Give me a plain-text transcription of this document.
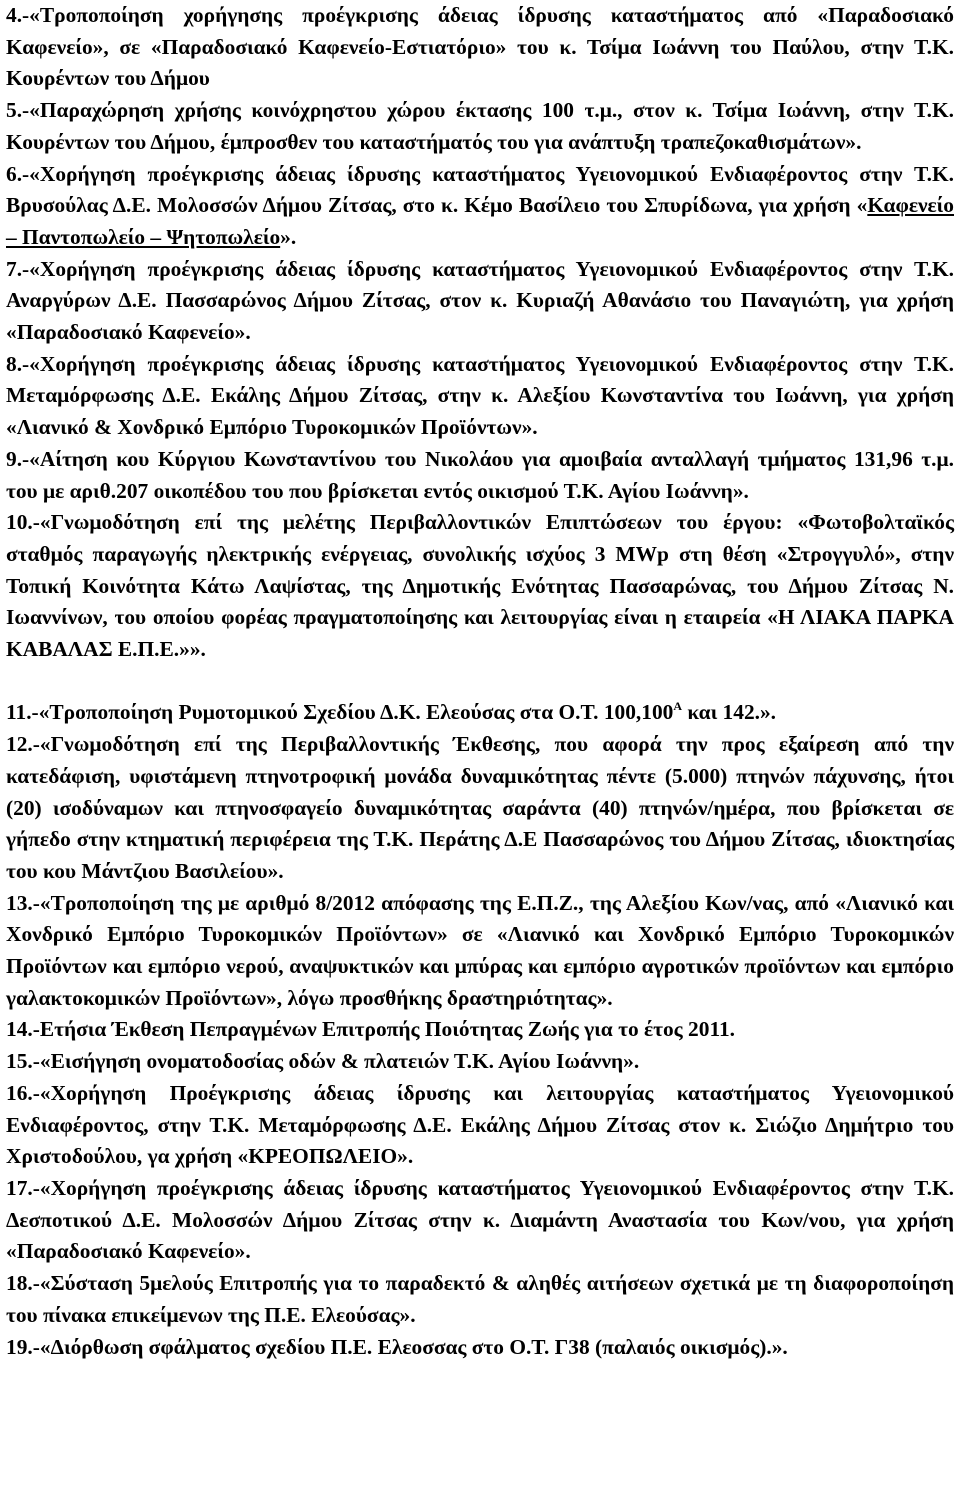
4.-«Τροποποίηση χορήγησης προέγκρισης άδειας ίδρυσης καταστήματος από «Παραδοσιακό Καφενείο», σε «Παραδοσιακό Καφενείο-Εστιατόριο» του κ. Τσίμα Ιωάννη του Παύλου, στην Τ.Κ. Κουρέντων του Δήμου

5.-«Παραχώρηση χρήσης κοινόχρηστου χώρου έκτασης 100 τ.μ., στον κ. Τσίμα Ιωάννη, στην Τ.Κ. Κουρέντων του Δήμου, έμπροσθεν του καταστήματός του για ανάπτυξη τραπεζοκαθισμάτων».

6.-«Χορήγηση προέγκρισης άδειας ίδρυσης καταστήματος Υγειονομικού Ενδιαφέροντος στην Τ.Κ. Βρυσούλας Δ.Ε. Μολοσσών Δήμου Ζίτσας, στο κ. Κέμο Βασίλειο του Σπυρίδωνα, για χρήση «Καφενείο – Παντοπωλείο – Ψητοπωλείο».

7.-«Χορήγηση προέγκρισης άδειας ίδρυσης καταστήματος Υγειονομικού Ενδιαφέροντος στην Τ.Κ. Αναργύρων Δ.Ε. Πασσαρώνος Δήμου Ζίτσας, στον κ. Κυριαζή Αθανάσιο του Παναγιώτη, για χρήση «Παραδοσιακό Καφενείο».

8.-«Χορήγηση προέγκρισης άδειας ίδρυσης καταστήματος Υγειονομικού Ενδιαφέροντος στην Τ.Κ. Μεταμόρφωσης Δ.Ε. Εκάλης Δήμου Ζίτσας, στην κ. Αλεξίου Κωνσταντίνα του Ιωάννη, για χρήση «Λιανικό & Χονδρικό Εμπόριο Τυροκομικών Προϊόντων».

9.-«Αίτηση κου Κύργιου Κωνσταντίνου του Νικολάου για αμοιβαία ανταλλαγή τμήματος 131,96 τ.μ. του με αριθ.207 οικοπέδου του που βρίσκεται εντός οικισμού Τ.Κ. Αγίου Ιωάννη».

10.-«Γνωμοδότηση επί της μελέτης Περιβαλλοντικών Επιπτώσεων του έργου: «Φωτοβολταϊκός σταθμός παραγωγής ηλεκτρικής ενέργειας, συνολικής ισχύος 3 MWp στη θέση «Στρογγυλό», στην Τοπική Κοινότητα Κάτω Λαψίστας, της Δημοτικής Ενότητας Πασσαρώνας, του Δήμου Ζίτσας Ν. Ιωαννίνων, του οποίου φορέας πραγματοποίησης και λειτουργίας είναι η εταιρεία «Η ΛΙΑΚΑ ΠΑΡΚΑ ΚΑΒΑΛΑΣ Ε.Π.Ε.»».

11.-«Τροποποίηση Ρυμοτομικού Σχεδίου Δ.Κ. Ελεούσας στα Ο.Τ. $100,100^A$ και 142.».

12.-«Γνωμοδότηση επί της Περιβαλλοντικής Έκθεσης, που αφορά την προς εξαίρεση από την κατεδάφιση, υφιστάμενη πτηνοτροφική μονάδα δυναμικότητας πέντε (5.000) πτηνών πάχυνσης, ήτοι (20) ισοδύναμων και πτηνοσφαγείο δυναμικότητας σαράντα (40) πτηνών/ημέρα, που βρίσκεται σε γήπεδο στην κτηματική περιφέρεια της Τ.Κ. Περάτης Δ.Ε Πασσαρώνος του Δήμου Ζίτσας, ιδιοκτησίας του κου Μάντζιου Βασιλείου».

13.-«Τροποποίηση της με αριθμό 8/2012 απόφασης της Ε.Π.Ζ., της Αλεξίου Κων/νας, από «Λιανικό και Χονδρικό Εμπόριο Τυροκομικών Προϊόντων» σε «Λιανικό και Χονδρικό Εμπόριο Τυροκομικών Προϊόντων και εμπόριο νερού, αναψυκτικών και μπύρας και εμπόριο αγροτικών προϊόντων και εμπόριο γαλακτοκομικών Προϊόντων», λόγω προσθήκης δραστηριότητας».

14.-Ετήσια Έκθεση Πεπραγμένων Επιτροπής Ποιότητας Ζωής για το έτος 2011.

15.-«Εισήγηση ονοματοδοσίας οδών & πλατειών Τ.Κ. Αγίου Ιωάννη».

16.-«Χορήγηση Προέγκρισης άδειας ίδρυσης και λειτουργίας καταστήματος Υγειονομικού Ενδιαφέροντος, στην Τ.Κ. Μεταμόρφωσης Δ.Ε. Εκάλης Δήμου Ζίτσας στον κ. Σιώζιο Δημήτριο του Χριστοδούλου, γα χρήση «ΚΡΕΟΠΩΛΕΙΟ».

17.-«Χορήγηση προέγκρισης άδειας ίδρυσης καταστήματος Υγειονομικού Ενδιαφέροντος στην Τ.Κ. Δεσποτικού Δ.Ε. Μολοσσών Δήμου Ζίτσας στην κ. Διαμάντη Αναστασία του Κων/νου, για χρήση «Παραδοσιακό Καφενείο».

18.-«Σύσταση 5μελούς Επιτροπής για το παραδεκτό & αληθές αιτήσεων σχετικά με τη διαφοροποίηση του πίνακα επικείμενων της Π.Ε. Ελεούσας».

19.-«Διόρθωση σφάλματος σχεδίου Π.Ε. Ελεοσσας στο Ο.Τ. Γ38 (παλαιός οικισμός).».
